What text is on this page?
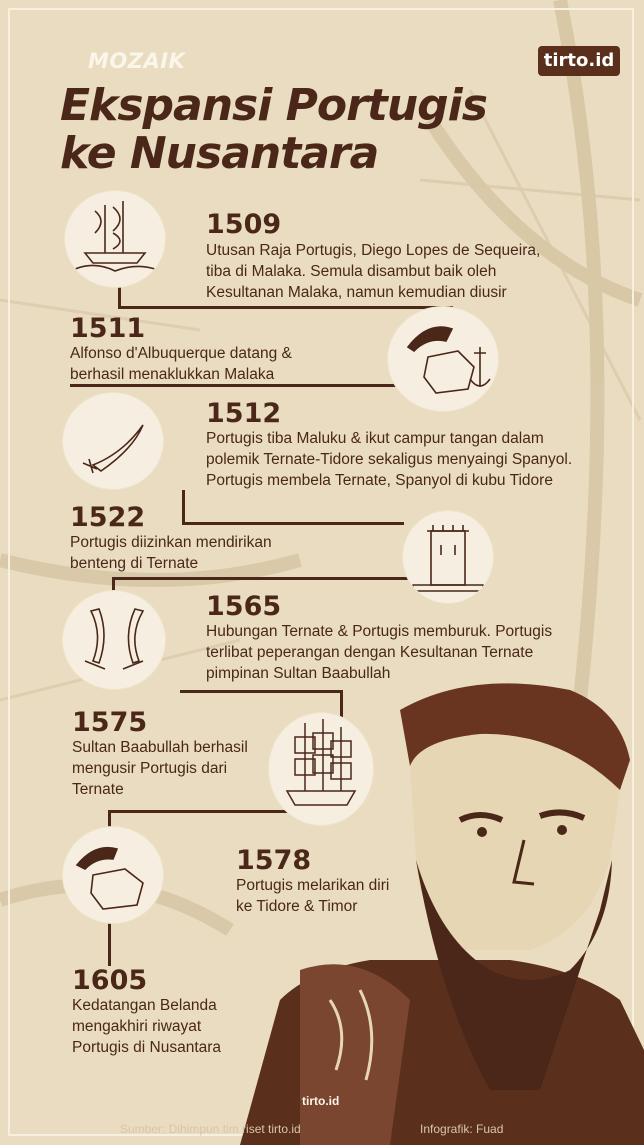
MOZAIK	tirto.id
Ekspansi Portugis
ke Nusantara
1509
Utusan Raja Portugis, Diego Lopes de Sequeira, tiba di Malaka. Semula disambut baik oleh Kesultanan Malaka, namun kemudian diusir
1511
Alfonso d'Albuquerque datang & berhasil menaklukkan Malaka
1512
Portugis tiba Maluku & ikut campur tangan dalam polemik Ternate-Tidore sekaligus menyaingi Spanyol. Portugis membela Ternate, Spanyol di kubu Tidore
1522
Portugis diizinkan mendirikan benteng di Ternate
1565
Hubungan Ternate & Portugis memburuk. Portugis terlibat peperangan dengan Kesultanan Ternate pimpinan Sultan Baabullah
1575
Sultan Baabullah berhasil mengusir Portugis dari Ternate
1578
Portugis melarikan diri ke Tidore & Timor
1605
Kedatangan Belanda mengakhiri riwayat Portugis di Nusantara
tirto.id
Sumber: Dihimpun tim riset tirto.id	Infografik: Fuad
